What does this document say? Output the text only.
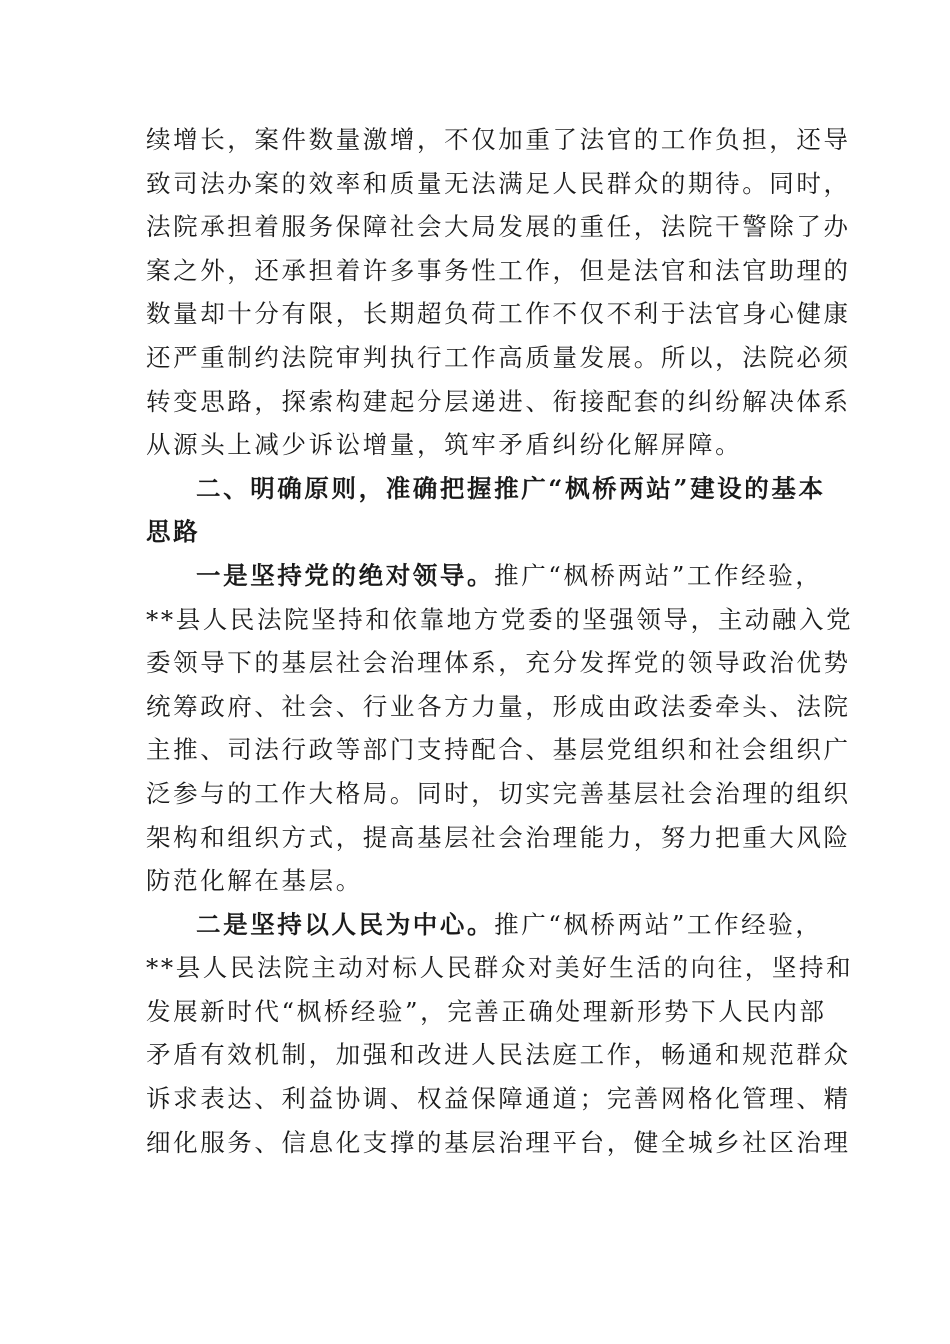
续增长，案件数量激增，不仅加重了法官的工作负担，还导
致司法办案的效率和质量无法满足人民群众的期待。同时，
法院承担着服务保障社会大局发展的重任，法院干警除了办
案之外，还承担着许多事务性工作，但是法官和法官助理的
数量却十分有限，长期超负荷工作不仅不利于法官身心健康
还严重制约法院审判执行工作高质量发展。所以，法院必须
转变思路，探索构建起分层递进、衔接配套的纠纷解决体系
从源头上减少诉讼增量，筑牢矛盾纠纷化解屏障。
二、明确原则，准确把握推广“枫桥两站”建设的基本
思路
一是坚持党的绝对领导。推广“枫桥两站”工作经验，
**县人民法院坚持和依靠地方党委的坚强领导，主动融入党
委领导下的基层社会治理体系，充分发挥党的领导政治优势
统筹政府、社会、行业各方力量，形成由政法委牵头、法院
主推、司法行政等部门支持配合、基层党组织和社会组织广
泛参与的工作大格局。同时，切实完善基层社会治理的组织
架构和组织方式，提高基层社会治理能力，努力把重大风险
防范化解在基层。
二是坚持以人民为中心。推广“枫桥两站”工作经验，
**县人民法院主动对标人民群众对美好生活的向往，坚持和
发展新时代“枫桥经验”，完善正确处理新形势下人民内部
矛盾有效机制，加强和改进人民法庭工作，畅通和规范群众
诉求表达、利益协调、权益保障通道；完善网格化管理、精
细化服务、信息化支撑的基层治理平台，健全城乡社区治理
